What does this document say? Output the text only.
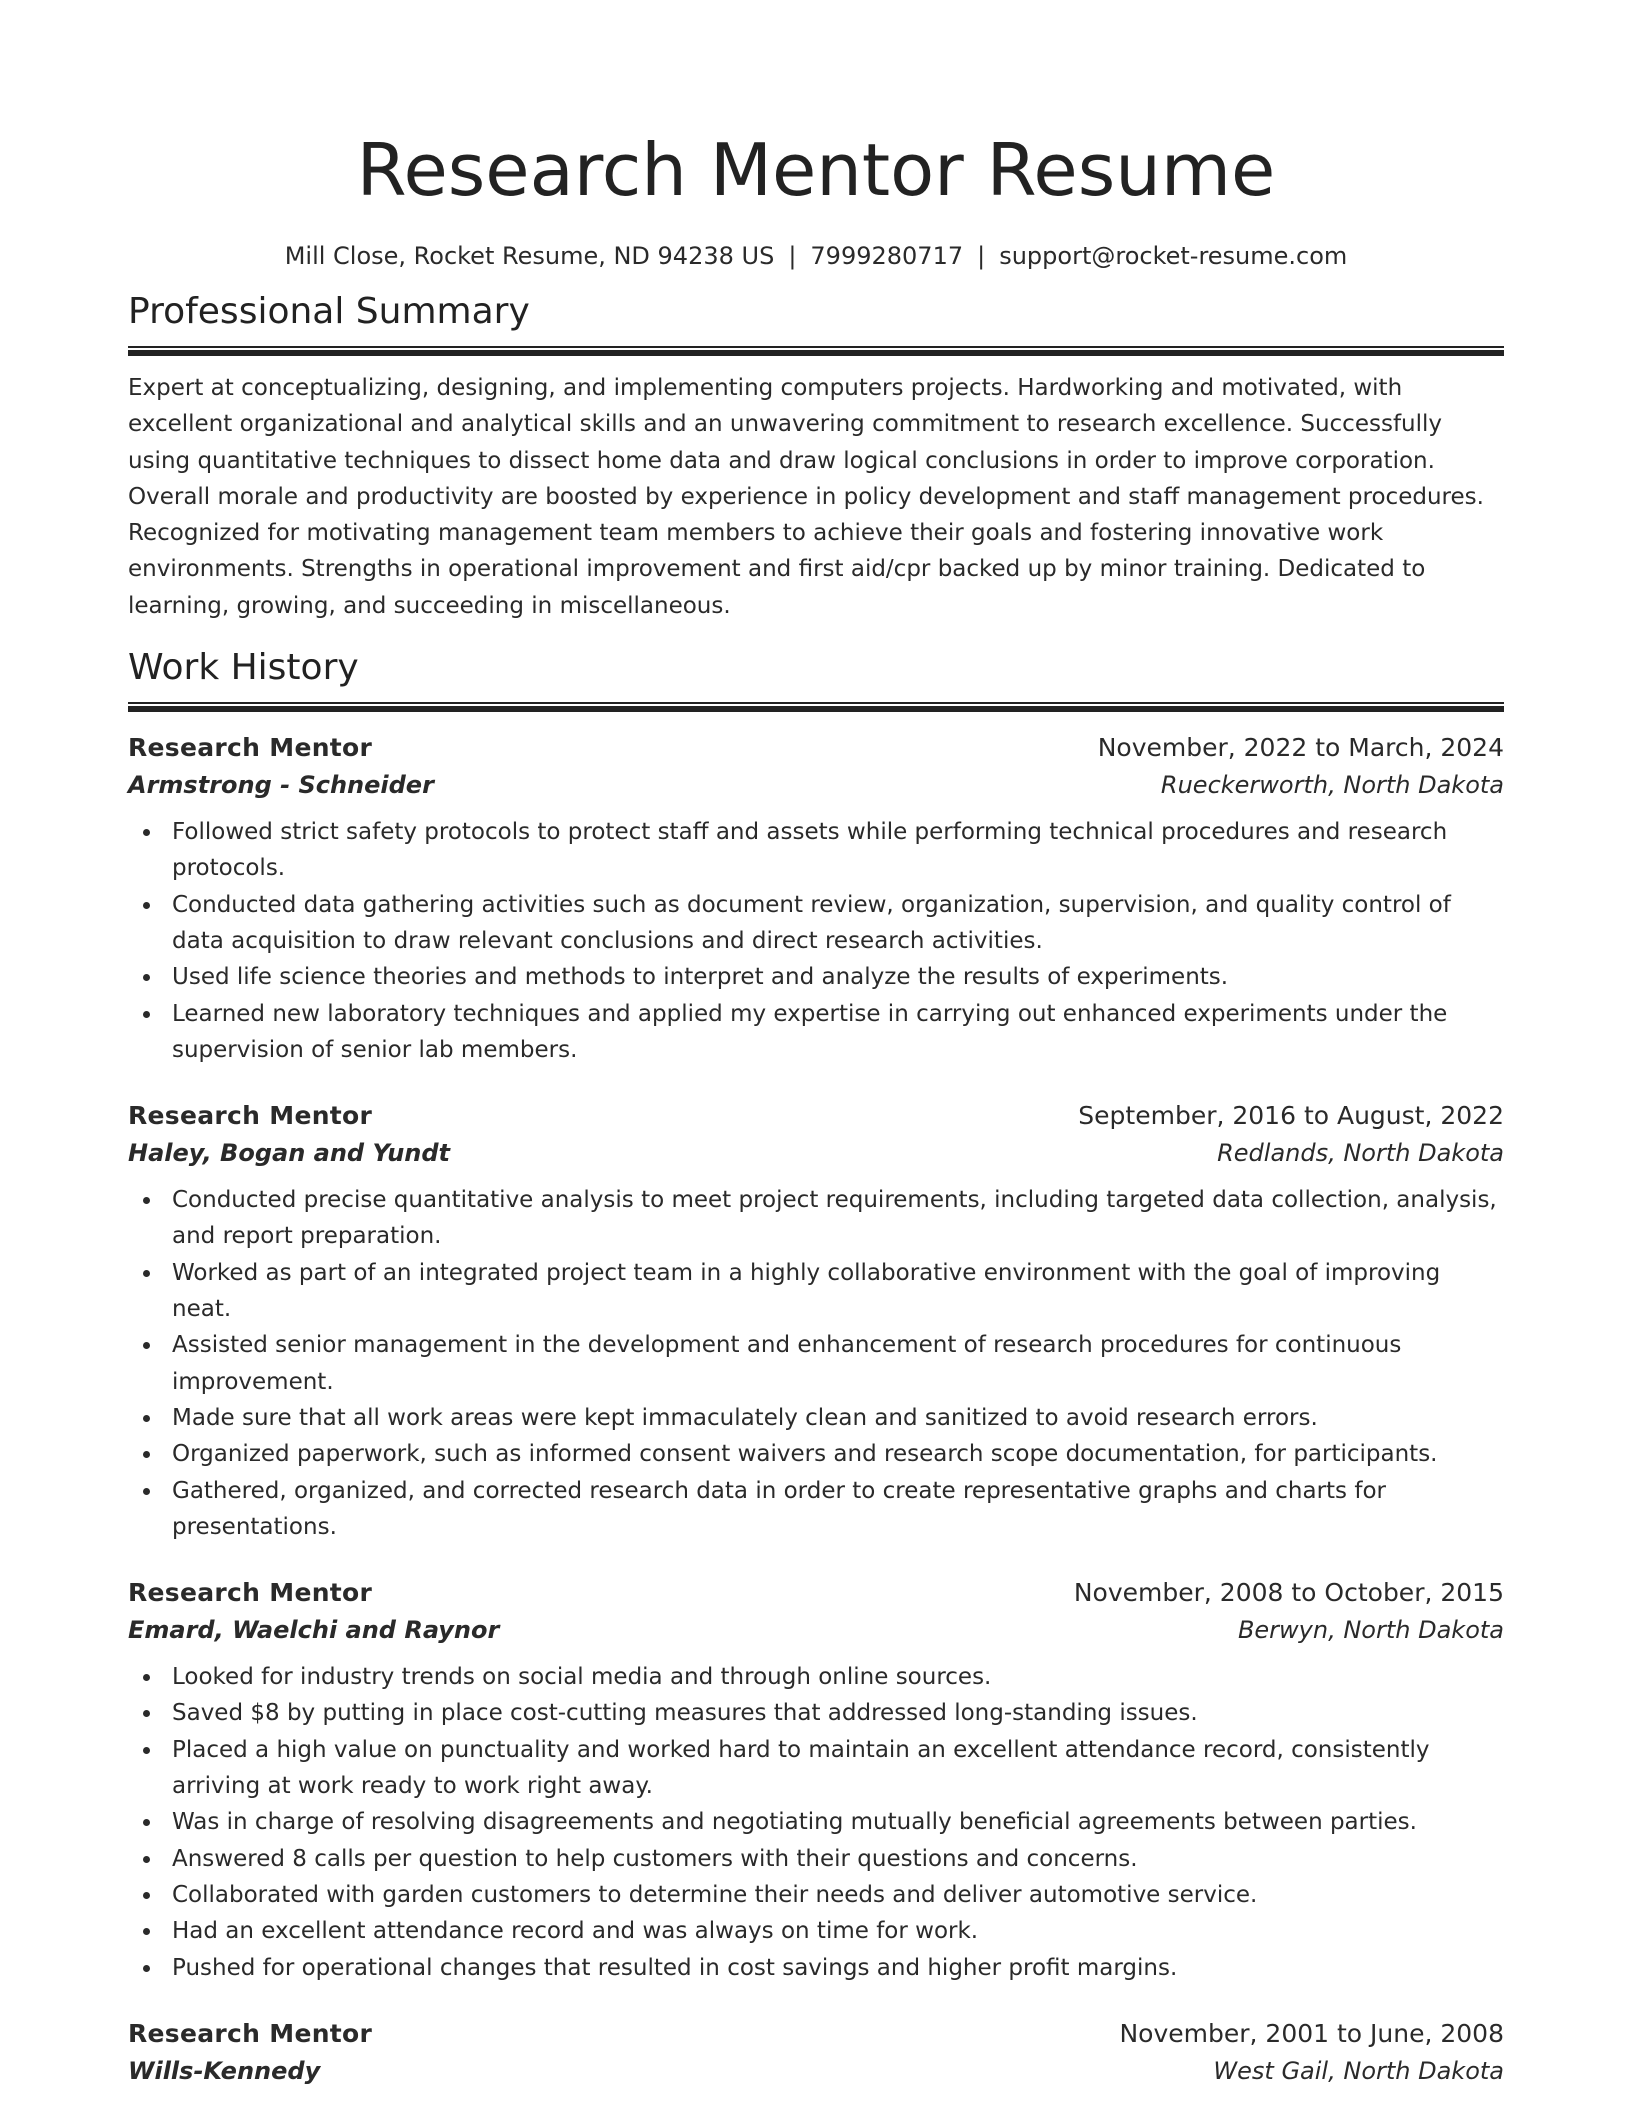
Research Mentor Resume
Mill Close, Rocket Resume, ND 94238 US | 7999280717 | support@rocket-resume.com
Professional Summary

Expert at conceptualizing, designing, and implementing computers projects. Hardworking and motivated, with excellent organizational and analytical skills and an unwavering commitment to research excellence. Successfully using quantitative techniques to dissect home data and draw logical conclusions in order to improve corporation. Overall morale and productivity are boosted by experience in policy development and staff management procedures. Recognized for motivating management team members to achieve their goals and fostering innovative work environments. Strengths in operational improvement and first aid/cpr backed up by minor training. Dedicated to learning, growing, and succeeding in miscellaneous.

Work History
Research Mentor	November, 2022 to March, 2024
Armstrong - Schneider	Rueckerworth, North Dakota
Followed strict safety protocols to protect staff and assets while performing technical procedures and research protocols.
Conducted data gathering activities such as document review, organization, supervision, and quality control of data acquisition to draw relevant conclusions and direct research activities.
Used life science theories and methods to interpret and analyze the results of experiments.
Learned new laboratory techniques and applied my expertise in carrying out enhanced experiments under the supervision of senior lab members.
Research Mentor	September, 2016 to August, 2022
Haley, Bogan and Yundt	Redlands, North Dakota
Conducted precise quantitative analysis to meet project requirements, including targeted data collection, analysis, and report preparation.
Worked as part of an integrated project team in a highly collaborative environment with the goal of improving neat.
Assisted senior management in the development and enhancement of research procedures for continuous improvement.
Made sure that all work areas were kept immaculately clean and sanitized to avoid research errors.
Organized paperwork, such as informed consent waivers and research scope documentation, for participants.
Gathered, organized, and corrected research data in order to create representative graphs and charts for presentations.
Research Mentor	November, 2008 to October, 2015
Emard, Waelchi and Raynor	Berwyn, North Dakota
Looked for industry trends on social media and through online sources.
Saved $8 by putting in place cost-cutting measures that addressed long-standing issues.
Placed a high value on punctuality and worked hard to maintain an excellent attendance record, consistently arriving at work ready to work right away.
Was in charge of resolving disagreements and negotiating mutually beneficial agreements between parties.
Answered 8 calls per question to help customers with their questions and concerns.
Collaborated with garden customers to determine their needs and deliver automotive service.
Had an excellent attendance record and was always on time for work.
Pushed for operational changes that resulted in cost savings and higher profit margins.
Research Mentor	November, 2001 to June, 2008
Wills-Kennedy	West Gail, North Dakota
